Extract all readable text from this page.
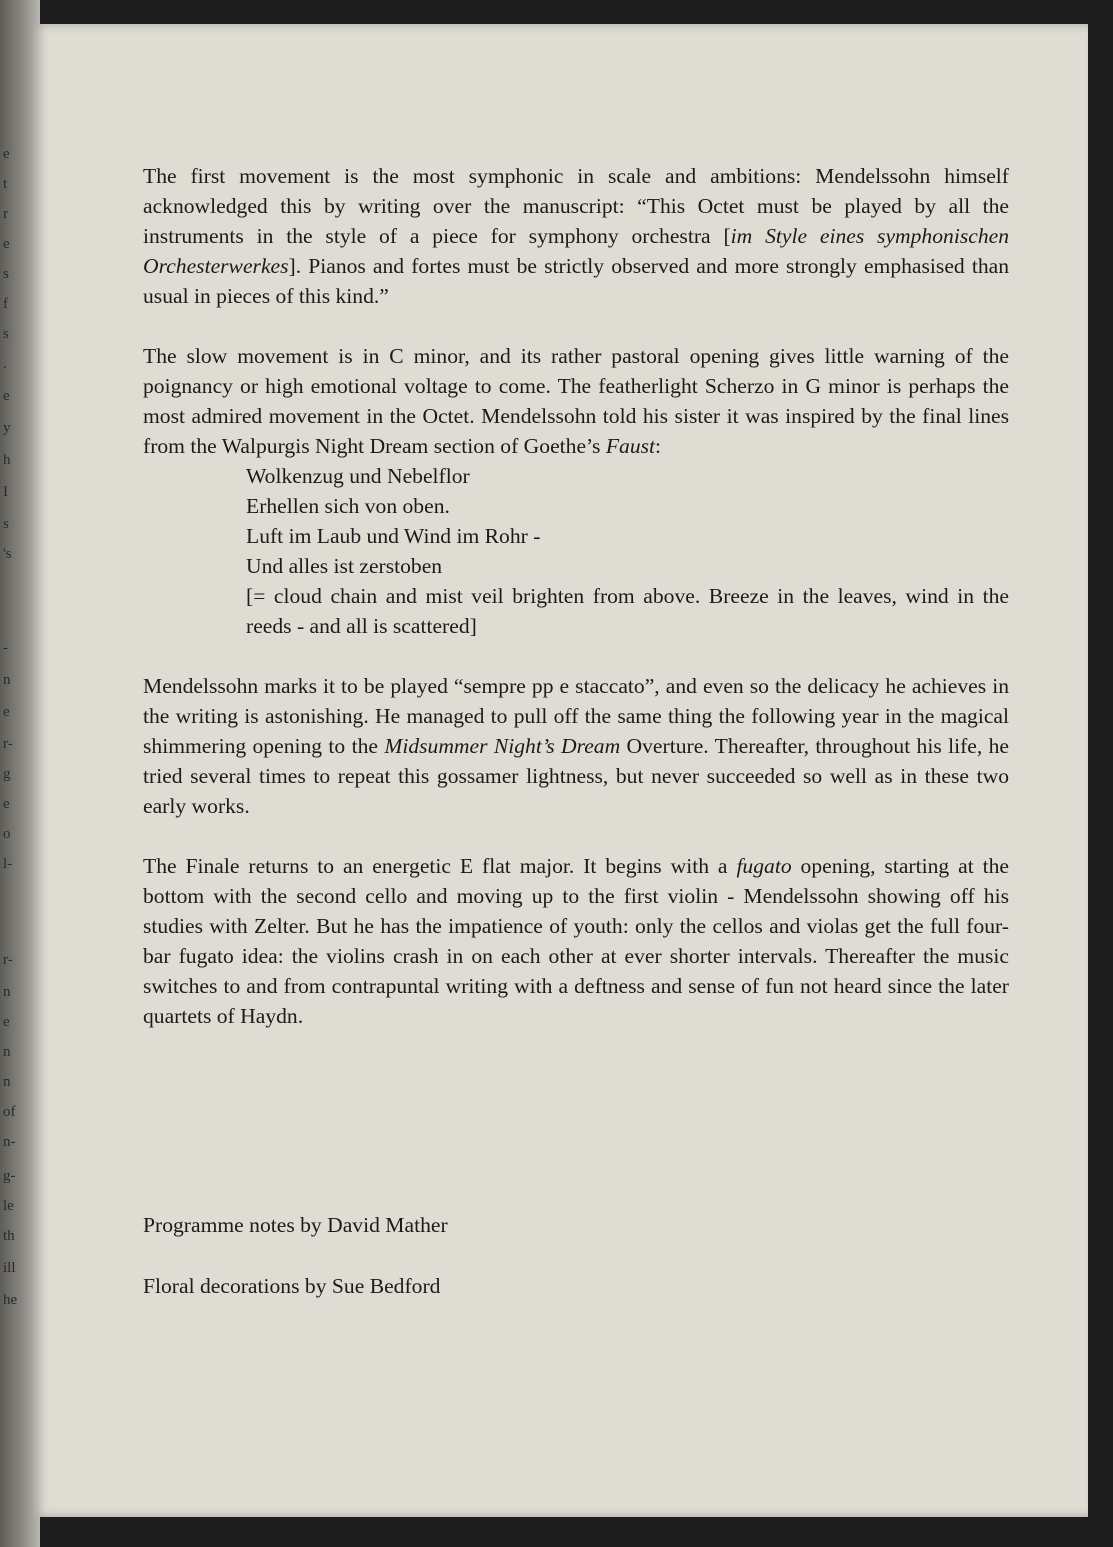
e
t
r
e
s
f
s
.
e
y
h
I
s
's
-
n
e
r-
g
e
o
l-
r-
n
e
n
n
of
n-
g-
le
th
ill
he

The first movement is the most symphonic in scale and ambitions: Mendelssohn himself acknowledged this by writing over the manuscript: “This Octet must be played by all the instruments in the style of a piece for symphony orchestra [im Style eines symphonischen Orchesterwerkes]. Pianos and fortes must be strictly observed and more strongly emphasised than usual in pieces of this kind.”

The slow movement is in C minor, and its rather pastoral opening gives little warning of the poignancy or high emotional voltage to come. The featherlight Scherzo in G minor is perhaps the most admired movement in the Octet. Mendelssohn told his sister it was inspired by the final lines from the Walpurgis Night Dream section of Goethe’s Faust:

Wolkenzug und Nebelflor
Erhellen sich von oben.
Luft im Laub und Wind im Rohr -
Und alles ist zerstoben
[= cloud chain and mist veil brighten from above. Breeze in the leaves, wind in the reeds - and all is scattered]

Mendelssohn marks it to be played “sempre pp e staccato”, and even so the delicacy he achieves in the writing is astonishing. He managed to pull off the same thing the following year in the magical shimmering opening to the Midsummer Night’s Dream Overture. Thereafter, throughout his life, he tried several times to repeat this gossamer lightness, but never succeeded so well as in these two early works.

The Finale returns to an energetic E flat major. It begins with a fugato opening, starting at the bottom with the second cello and moving up to the first violin - Mendelssohn showing off his studies with Zelter. But he has the impatience of youth: only the cellos and violas get the full four-bar fugato idea: the violins crash in on each other at ever shorter intervals. Thereafter the music switches to and from contrapuntal writing with a deftness and sense of fun not heard since the later quartets of Haydn.

Programme notes by David Mather
Floral decorations by Sue Bedford
